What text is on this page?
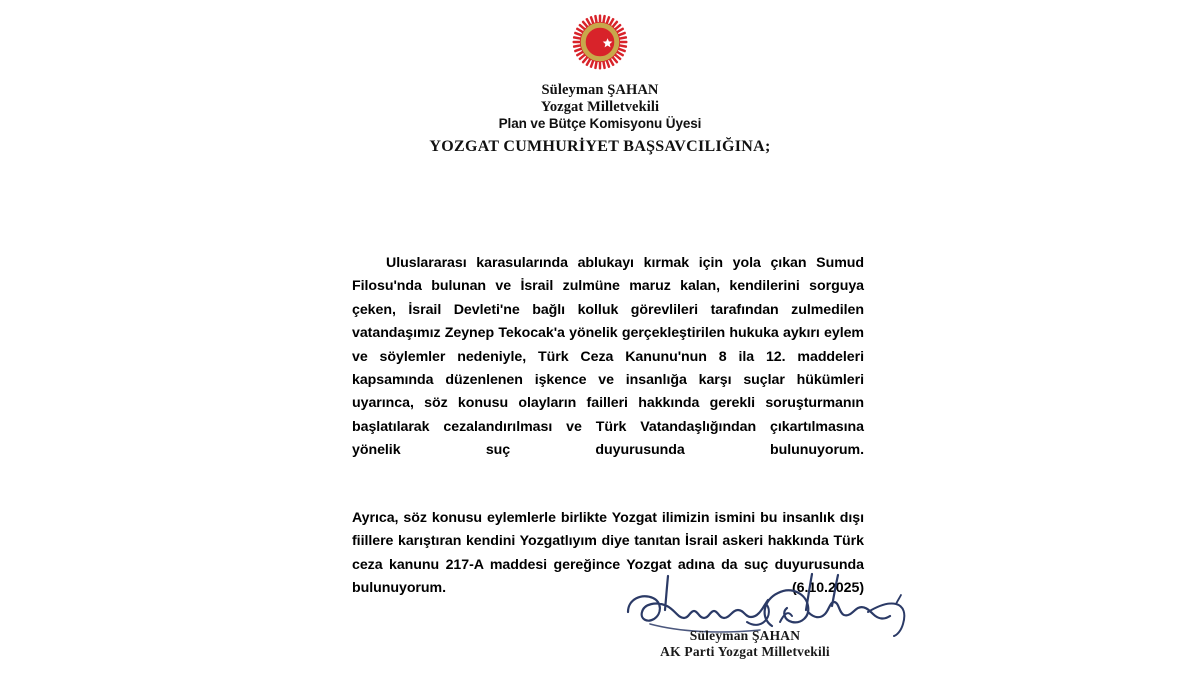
Süleyman ŞAHAN
Yozgat Milletvekili
Plan ve Bütçe Komisyonu Üyesi
YOZGAT CUMHURİYET BAŞSAVCILIĞINA;

Uluslararası karasularında ablukayı kırmak için yola çıkan Sumud Filosu'nda bulunan ve İsrail zulmüne maruz kalan, kendilerini sorguya çeken, İsrail Devleti'ne bağlı kolluk görevlileri tarafından zulmedilen vatandaşımız Zeynep Tekocak'a yönelik gerçekleştirilen hukuka aykırı eylem ve söylemler nedeniyle, Türk Ceza Kanunu'nun 8 ila 12. maddeleri kapsamında düzenlenen işkence ve insanlığa karşı suçlar hükümleri uyarınca, söz konusu olayların failleri hakkında gerekli soruşturmanın başlatılarak cezalandırılması ve Türk Vatandaşlığından çıkartılmasına yönelik suç duyurusunda bulunuyorum.

Ayrıca, söz konusu eylemlerle birlikte Yozgat ilimizin ismini bu insanlık dışı fiillere karıştıran kendini Yozgatlıyım diye tanıtan İsrail askeri hakkında Türk ceza kanunu 217-A maddesi gereğince Yozgat adına da suç duyurusunda bulunuyorum. (6.10.2025)

Süleyman ŞAHAN
AK Parti Yozgat Milletvekili
